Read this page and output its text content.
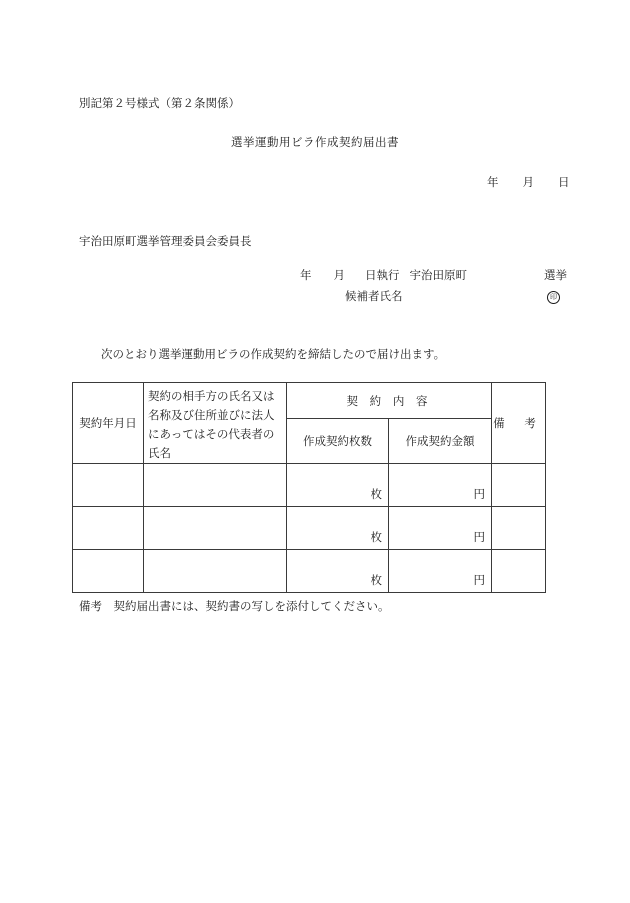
別記第２号様式（第２条関係）
選挙運動用ビラ作成契約届出書
年 月 日
宇治田原町選挙管理委員会委員長
年 月 日執行 宇治田原町	選挙
候補者氏名	印
次のとおり選挙運動用ビラの作成契約を締結したので届け出ます。
契約年月日	契約の相手方の氏名又は名称及び住所並びに法人にあってはその代表者の氏名	契 約 内 容		備 考
		作成契約枚数	作成契約金額	
		枚	円	
		枚	円	
		枚	円	
備考　契約届出書には、契約書の写しを添付してください。
